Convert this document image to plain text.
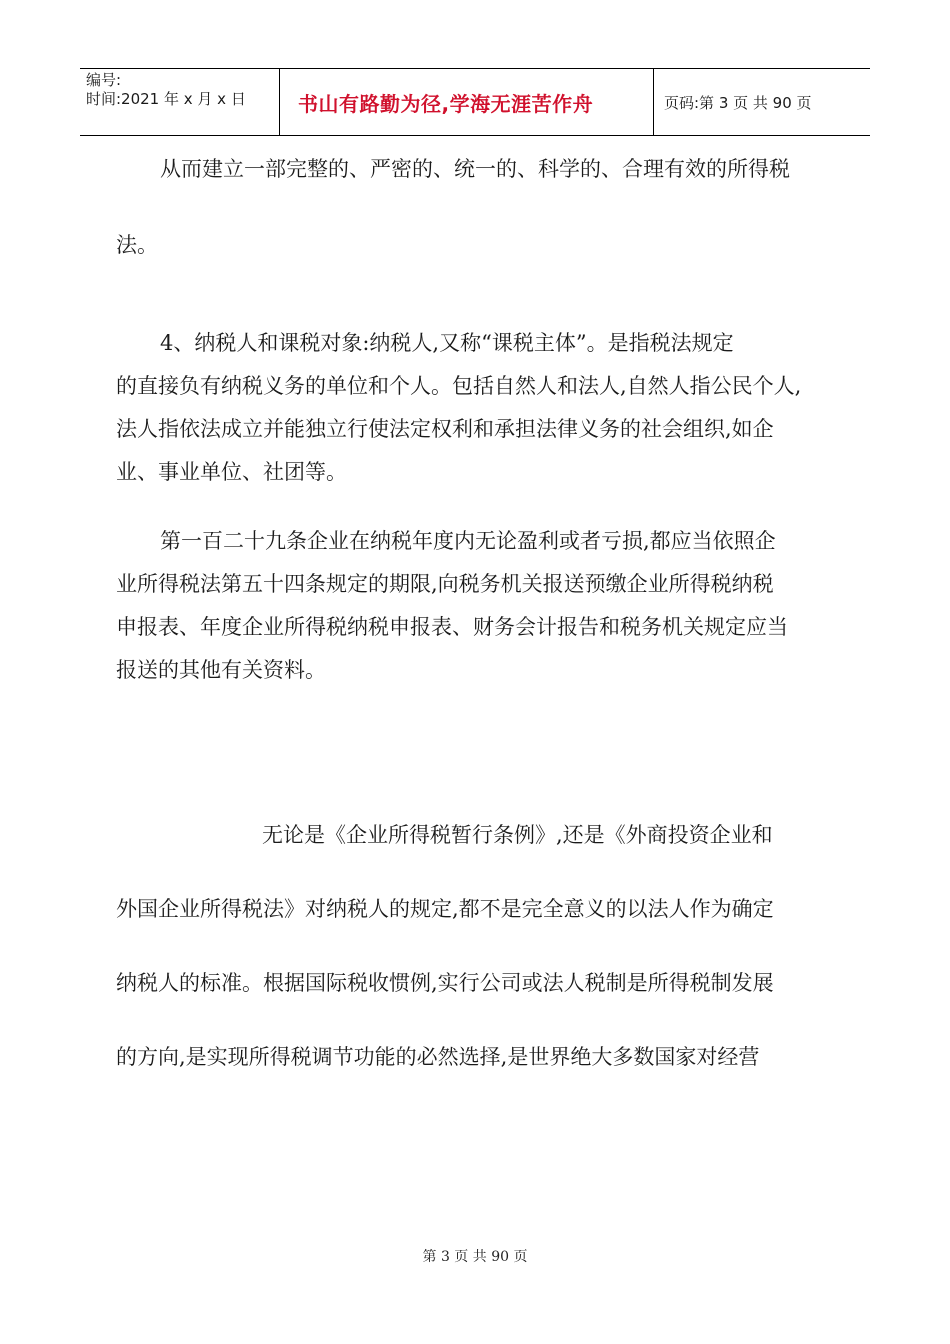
编号:
时间:2021 年 x 月 x 日	书山有路勤为径,学海无涯苦作舟	页码:第 3 页 共 90 页
从而建立一部完整的、严密的、统一的、科学的、合理有效的所得税
法。
4、纳税人和课税对象:纳税人,又称“课税主体”。是指税法规定
的直接负有纳税义务的单位和个人。包括自然人和法人,自然人指公民个人,
法人指依法成立并能独立行使法定权利和承担法律义务的社会组织,如企
业、事业单位、社团等。
第一百二十九条企业在纳税年度内无论盈利或者亏损,都应当依照企
业所得税法第五十四条规定的期限,向税务机关报送预缴企业所得税纳税
申报表、年度企业所得税纳税申报表、财务会计报告和税务机关规定应当
报送的其他有关资料。
无论是《企业所得税暂行条例》,还是《外商投资企业和
外国企业所得税法》对纳税人的规定,都不是完全意义的以法人作为确定
纳税人的标准。根据国际税收惯例,实行公司或法人税制是所得税制发展
的方向,是实现所得税调节功能的必然选择,是世界绝大多数国家对经营
第 3 页 共 90 页
